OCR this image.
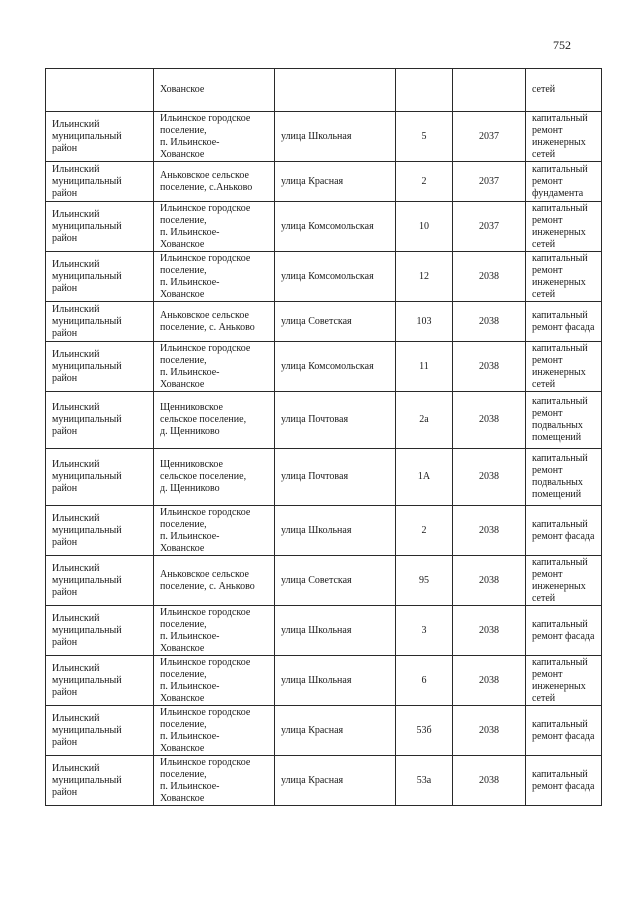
752

	Хованское				сетей

Ильинский
муниципальный
район	Ильинское городское
поселение,
п. Ильинское-
Хованское	улица Школьная	5	2037	капитальный
ремонт
инженерных
сетей

Ильинский
муниципальный
район	Аньковское сельское
поселение, с.Аньково	улица Красная	2	2037	капитальный
ремонт
фундамента

Ильинский
муниципальный
район	Ильинское городское
поселение,
п. Ильинское-
Хованское	улица Комсомольская	10	2037	капитальный
ремонт
инженерных
сетей

Ильинский
муниципальный
район	Ильинское городское
поселение,
п. Ильинское-
Хованское	улица Комсомольская	12	2038	капитальный
ремонт
инженерных
сетей

Ильинский
муниципальный
район	Аньковское сельское
поселение, с. Аньково	улица Советская	103	2038	капитальный
ремонт фасада

Ильинский
муниципальный
район	Ильинское городское
поселение,
п. Ильинское-
Хованское	улица Комсомольская	11	2038	капитальный
ремонт
инженерных
сетей

Ильинский
муниципальный
район	Щенниковское
сельское поселение,
д. Щенниково	улица Почтовая	2а	2038	капитальный
ремонт
подвальных
помещений

Ильинский
муниципальный
район	Щенниковское
сельское поселение,
д. Щенниково	улица Почтовая	1А	2038	капитальный
ремонт
подвальных
помещений

Ильинский
муниципальный
район	Ильинское городское
поселение,
п. Ильинское-
Хованское	улица Школьная	2	2038	капитальный
ремонт фасада

Ильинский
муниципальный
район	Аньковское сельское
поселение, с. Аньково	улица Советская	95	2038	капитальный
ремонт
инженерных
сетей

Ильинский
муниципальный
район	Ильинское городское
поселение,
п. Ильинское-
Хованское	улица Школьная	3	2038	капитальный
ремонт фасада

Ильинский
муниципальный
район	Ильинское городское
поселение,
п. Ильинское-
Хованское	улица Школьная	6	2038	капитальный
ремонт
инженерных
сетей

Ильинский
муниципальный
район	Ильинское городское
поселение,
п. Ильинское-
Хованское	улица Красная	53б	2038	капитальный
ремонт фасада

Ильинский
муниципальный
район	Ильинское городское
поселение,
п. Ильинское-
Хованское	улица Красная	53а	2038	капитальный
ремонт фасада
